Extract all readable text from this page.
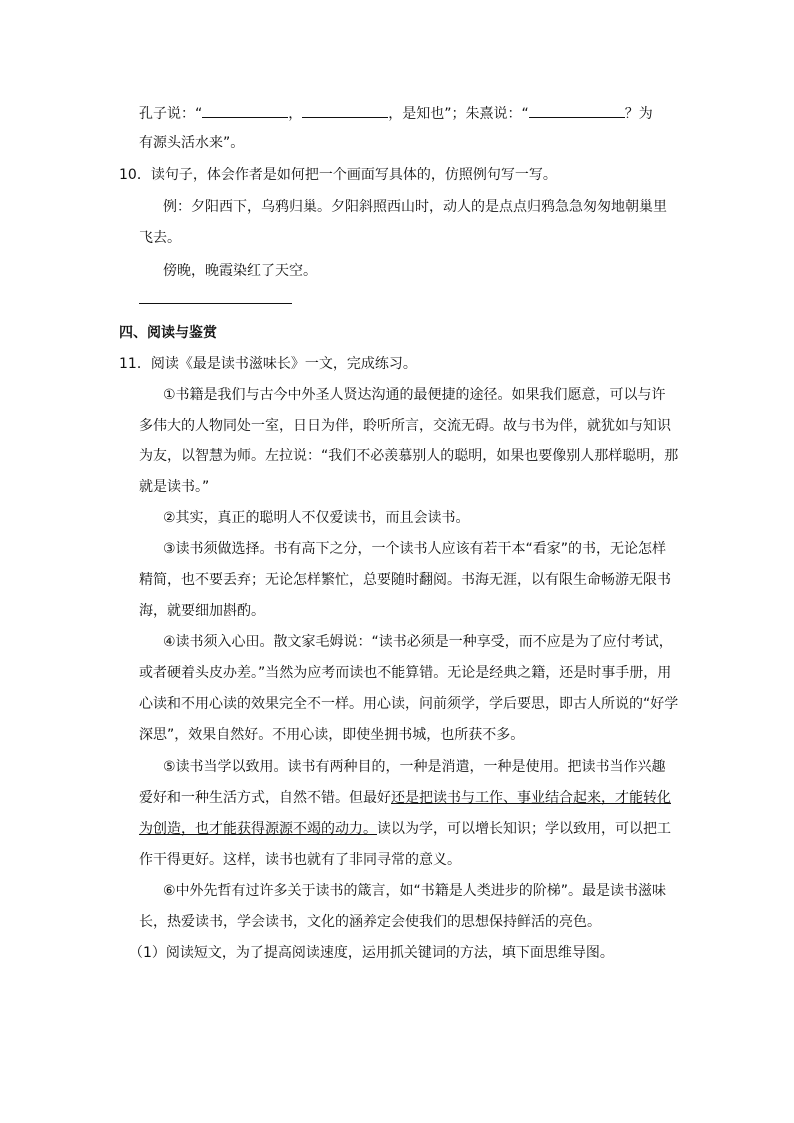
孔子说：“	，	，是知也”；朱熹说：“	？为
有源头活水来”。
10．读句子，体会作者是如何把一个画面写具体的，仿照例句写一写。
例：夕阳西下，乌鸦归巢。夕阳斜照西山时，动人的是点点归鸦急急匆匆地朝巢里
飞去。
傍晚，晚霞染红了天空。
四、阅读与鉴赏
11．阅读《最是读书滋味长》一文，完成练习。
①书籍是我们与古今中外圣人贤达沟通的最便捷的途径。如果我们愿意，可以与许
多伟大的人物同处一室，日日为伴，聆听所言，交流无碍。故与书为伴，就犹如与知识
为友，以智慧为师。左拉说：“我们不必羡慕别人的聪明，如果也要像别人那样聪明，那
就是读书。”
②其实，真正的聪明人不仅爱读书，而且会读书。
③读书须做选择。书有高下之分，一个读书人应该有若干本“看家”的书，无论怎样
精简，也不要丢弃；无论怎样繁忙，总要随时翻阅。书海无涯，以有限生命畅游无限书
海，就要细加斟酌。
④读书须入心田。散文家毛姆说：“读书必须是一种享受，而不应是为了应付考试，
或者硬着头皮办差。”当然为应考而读也不能算错。无论是经典之籍，还是时事手册，用
心读和不用心读的效果完全不一样。用心读，问前须学，学后要思，即古人所说的“好学
深思”，效果自然好。不用心读，即使坐拥书城，也所获不多。
⑤读书当学以致用。读书有两种目的，一种是消遣，一种是使用。把读书当作兴趣
爱好和一种生活方式，自然不错。但最好还是把读书与工作、事业结合起来，才能转化
为创造，也才能获得源源不竭的动力。读以为学，可以增长知识；学以致用，可以把工
作干得更好。这样，读书也就有了非同寻常的意义。
⑥中外先哲有过许多关于读书的箴言，如“书籍是人类进步的阶梯”。最是读书滋味
长，热爱读书，学会读书，文化的涵养定会使我们的思想保持鲜活的亮色。
（1）阅读短文，为了提高阅读速度，运用抓关键词的方法，填下面思维导图。
